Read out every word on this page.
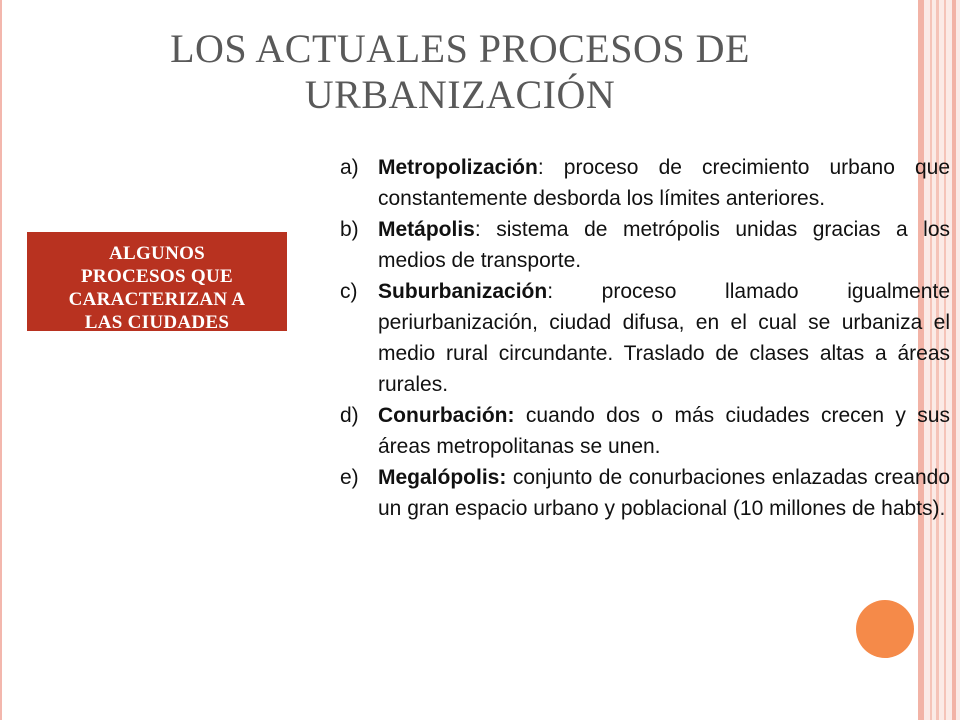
LOS ACTUALES PROCESOS DE
URBANIZACIÓN
ALGUNOS
PROCESOS QUE
CARACTERIZAN A
LAS CIUDADES
a) Metropolización: proceso de crecimiento urbano que constantemente desborda los límites anteriores.
b) Metápolis: sistema de metrópolis unidas gracias a los medios de transporte.
c) Suburbanización: proceso llamado igualmente periurbanización, ciudad difusa, en el cual se urbaniza el medio rural circundante. Traslado de clases altas a áreas rurales.
d) Conurbación: cuando dos o más ciudades crecen y sus áreas metropolitanas se unen.
e) Megalópolis: conjunto de conurbaciones enlazadas creando un gran espacio urbano y poblacional (10 millones de habts).
